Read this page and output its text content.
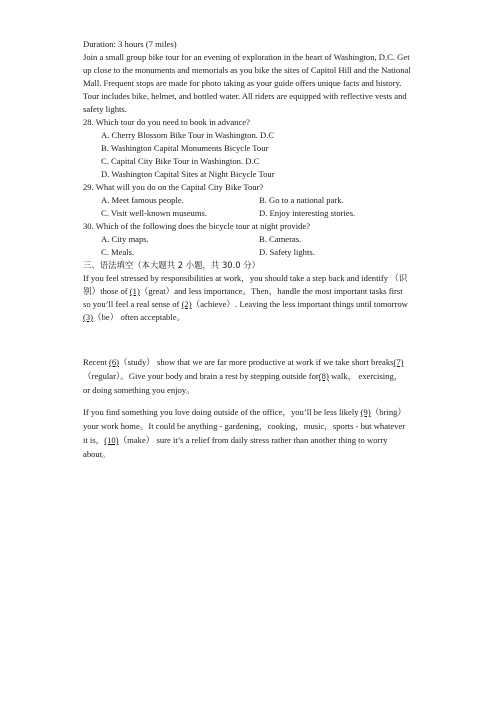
Duration: 3 hours (7 miles)
Join a small group bike tour for an evening of exploration in the heart of Washington, D.C. Get
up close to the monuments and memorials as you bike the sites of Capitol Hill and the National
Mall. Frequent stops are made for photo taking as your guide offers unique facts and history.
Tour includes bike, helmet, and bottled water. All riders are equipped with reflective vests and
safety lights.
28. Which tour do you need to book in advance?
A. Cherry Blossom Bike Tour in Washington. D.C
B. Washington Capital Monuments Bicycle Tour
C. Capital City Bike Tour in Washington. D.C
D. Washington Capital Sites at Night Bicycle Tour
29. What will you do on the Capital City Bike Tour?
A. Meet famous people.	B. Go to a national park.
C. Visit well-known museums.	D. Enjoy interesting stories.
30. Which of the following does the bicycle tour at night provide?
A. City maps.	B. Cameras.
C. Meals.	D. Safety lights.
三、语法填空（本大题共 2 小题，共 30.0 分）
If you feel stressed by responsibilities at work，you should take a step back and identify （识
别）those of (1)（great）and less importance。Then，handle the most important tasks first
so you’ll feel a real sense of (2)（achieve）. Leaving the less important things until tomorrow
(3)（be） often acceptable。
Recent (6)（study） show that we are far more productive at work if we take short breaks(7)
（regular）。Give your body and brain a rest by stepping outside for(8) walk， exercising，
or doing something you enjoy。
If you find something you love doing outside of the office，you’ll be less likely (9)（bring）
your work home。It could be anything - gardening，cooking，music，sports - but whatever
it is，(10)（make） sure it’s a relief from daily stress rather than another thing to worry
about。
